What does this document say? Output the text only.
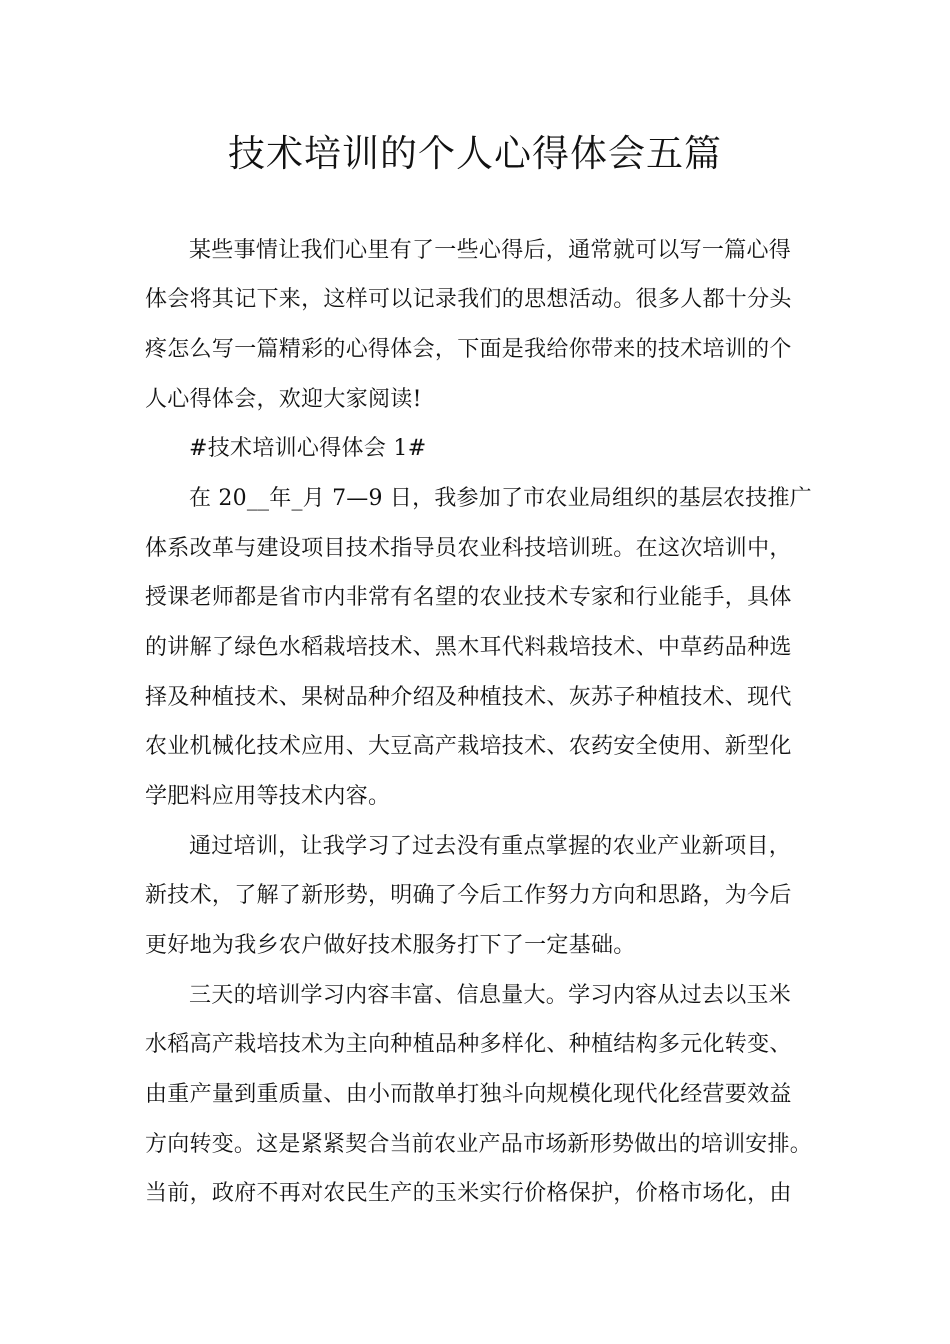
技术培训的个人心得体会五篇
某些事情让我们心里有了一些心得后，通常就可以写一篇心得
体会将其记下来，这样可以记录我们的思想活动。很多人都十分头
疼怎么写一篇精彩的心得体会，下面是我给你带来的技术培训的个
人心得体会，欢迎大家阅读!
#技术培训心得体会 1#
在 20__年_月 7—9 日，我参加了市农业局组织的基层农技推广
体系改革与建设项目技术指导员农业科技培训班。在这次培训中，
授课老师都是省市内非常有名望的农业技术专家和行业能手，具体
的讲解了绿色水稻栽培技术、黑木耳代料栽培技术、中草药品种选
择及种植技术、果树品种介绍及种植技术、灰苏子种植技术、现代
农业机械化技术应用、大豆高产栽培技术、农药安全使用、新型化
学肥料应用等技术内容。
通过培训，让我学习了过去没有重点掌握的农业产业新项目，
新技术，了解了新形势，明确了今后工作努力方向和思路，为今后
更好地为我乡农户做好技术服务打下了一定基础。
三天的培训学习内容丰富、信息量大。学习内容从过去以玉米
水稻高产栽培技术为主向种植品种多样化、种植结构多元化转变、
由重产量到重质量、由小而散单打独斗向规模化现代化经营要效益
方向转变。这是紧紧契合当前农业产品市场新形势做出的培训安排。
当前，政府不再对农民生产的玉米实行价格保护，价格市场化，由
